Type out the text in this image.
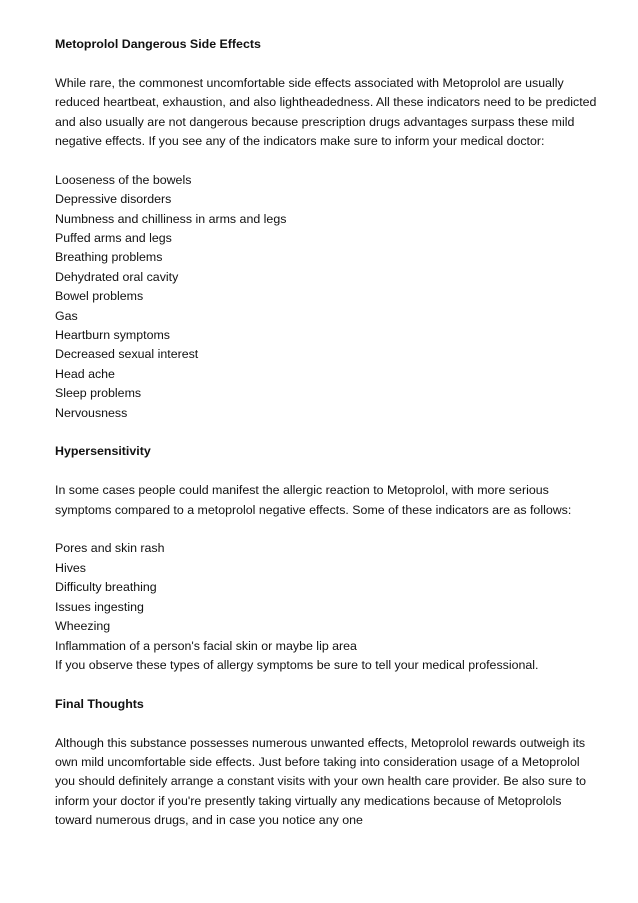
Metoprolol Dangerous Side Effects

While rare, the commonest uncomfortable side effects associated with Metoprolol are usually reduced heartbeat, exhaustion, and also lightheadedness. All these indicators need to be predicted and also usually are not dangerous because prescription drugs advantages surpass these mild negative effects. If you see any of the indicators make sure to inform your medical doctor:

Looseness of the bowels
Depressive disorders
Numbness and chilliness in arms and legs
Puffed arms and legs
Breathing problems
Dehydrated oral cavity
Bowel problems
Gas
Heartburn symptoms
Decreased sexual interest
Head ache
Sleep problems
Nervousness
Hypersensitivity

In some cases people could manifest the allergic reaction to Metoprolol, with more serious symptoms compared to a metoprolol negative effects. Some of these indicators are as follows:

Pores and skin rash
Hives
Difficulty breathing
Issues ingesting
Wheezing
Inflammation of a person's facial skin or maybe lip area

If you observe these types of allergy symptoms be sure to tell your medical professional.

Final Thoughts

Although this substance possesses numerous unwanted effects, Metoprolol rewards outweigh its own mild uncomfortable side effects. Just before taking into consideration usage of a Metoprolol you should definitely arrange a constant visits with your own health care provider. Be also sure to inform your doctor if you're presently taking virtually any medications because of Metoprolols toward numerous drugs, and in case you notice any one
